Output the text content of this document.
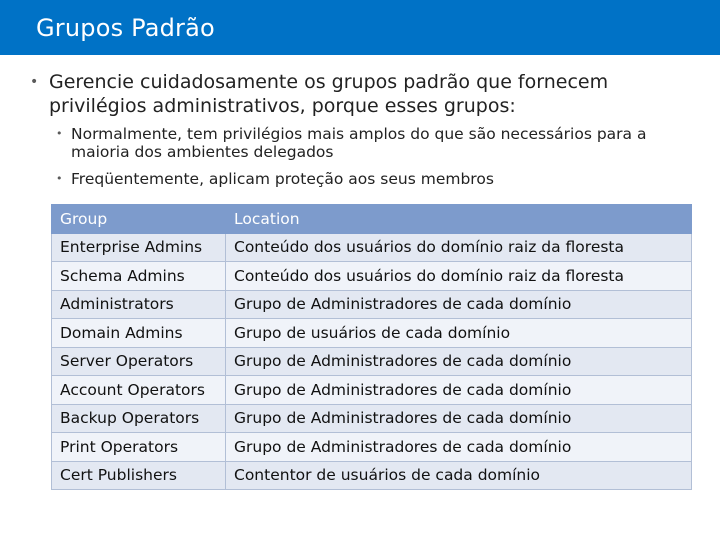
Grupos Padrão
• Gerencie cuidadosamente os grupos padrão que fornecem privilégios administrativos, porque esses grupos:
• Normalmente, tem privilégios mais amplos do que são necessários para a maioria dos ambientes delegados
• Freqüentemente, aplicam proteção aos seus membros
Group	Location
Enterprise Admins	Conteúdo dos usuários do domínio raiz da floresta
Schema Admins	Conteúdo dos usuários do domínio raiz da floresta
Administrators	Grupo de Administradores de cada domínio
Domain Admins	Grupo de usuários de cada domínio
Server Operators	Grupo de Administradores de cada domínio
Account Operators	Grupo de Administradores de cada domínio
Backup Operators	Grupo de Administradores de cada domínio
Print Operators	Grupo de Administradores de cada domínio
Cert Publishers	Contentor de usuários de cada domínio
